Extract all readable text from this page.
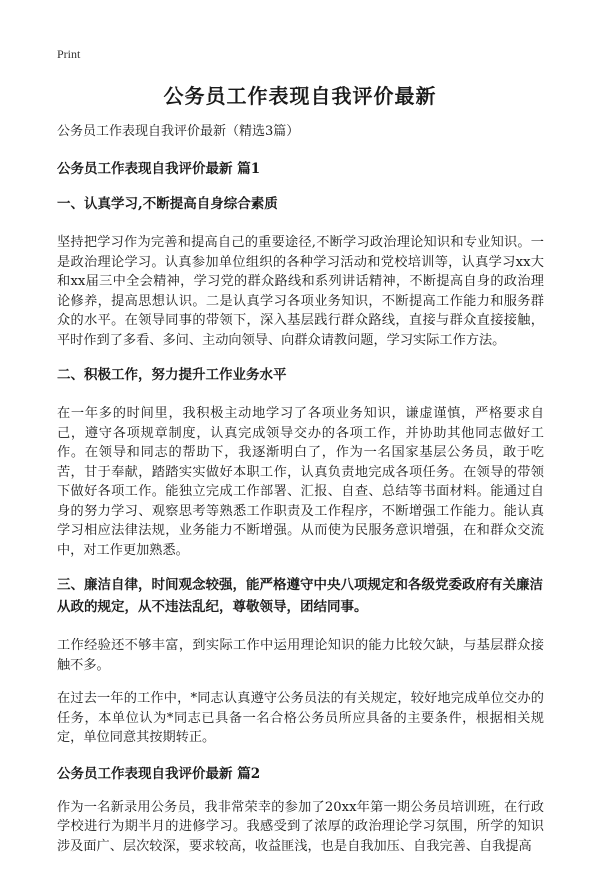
Print
公务员工作表现自我评价最新
公务员工作表现自我评价最新（精选3篇）
公务员工作表现自我评价最新 篇1
一、认真学习,不断提高自身综合素质
坚持把学习作为完善和提高自己的重要途径,不断学习政治理论知识和专业知识。一是政治理论学习。认真参加单位组织的各种学习活动和党校培训等，认真学习xx大和xx届三中全会精神，学习党的群众路线和系列讲话精神，不断提高自身的政治理论修养，提高思想认识。二是认真学习各项业务知识，不断提高工作能力和服务群众的水平。在领导同事的带领下，深入基层践行群众路线，直接与群众直接接触，平时作到了多看、多问、主动向领导、向群众请教问题，学习实际工作方法。
二、积极工作，努力提升工作业务水平
在一年多的时间里，我积极主动地学习了各项业务知识，谦虚谨慎，严格要求自己，遵守各项规章制度，认真完成领导交办的各项工作，并协助其他同志做好工作。在领导和同志的帮助下，我逐渐明白了，作为一名国家基层公务员，敢于吃苦，甘于奉献，踏踏实实做好本职工作，认真负责地完成各项任务。在领导的带领下做好各项工作。能独立完成工作部署、汇报、自查、总结等书面材料。能通过自身的努力学习、观察思考等熟悉工作职责及工作程序，不断增强工作能力。能认真学习相应法律法规，业务能力不断增强。从而使为民服务意识增强，在和群众交流中，对工作更加熟悉。
三、廉洁自律，时间观念较强，能严格遵守中央八项规定和各级党委政府有关廉洁从政的规定，从不违法乱纪，尊敬领导，团结同事。
工作经验还不够丰富，到实际工作中运用理论知识的能力比较欠缺，与基层群众接触不多。
在过去一年的工作中，*同志认真遵守公务员法的有关规定，较好地完成单位交办的任务，本单位认为*同志已具备一名合格公务员所应具备的主要条件，根据相关规定，单位同意其按期转正。
公务员工作表现自我评价最新 篇2
作为一名新录用公务员，我非常荣幸的参加了20xx年第一期公务员培训班，在行政学校进行为期半月的进修学习。我感受到了浓厚的政治理论学习氛围，所学的知识涉及面广、层次较深，要求较高，收益匪浅，也是自我加压、自我完善、自我提高
